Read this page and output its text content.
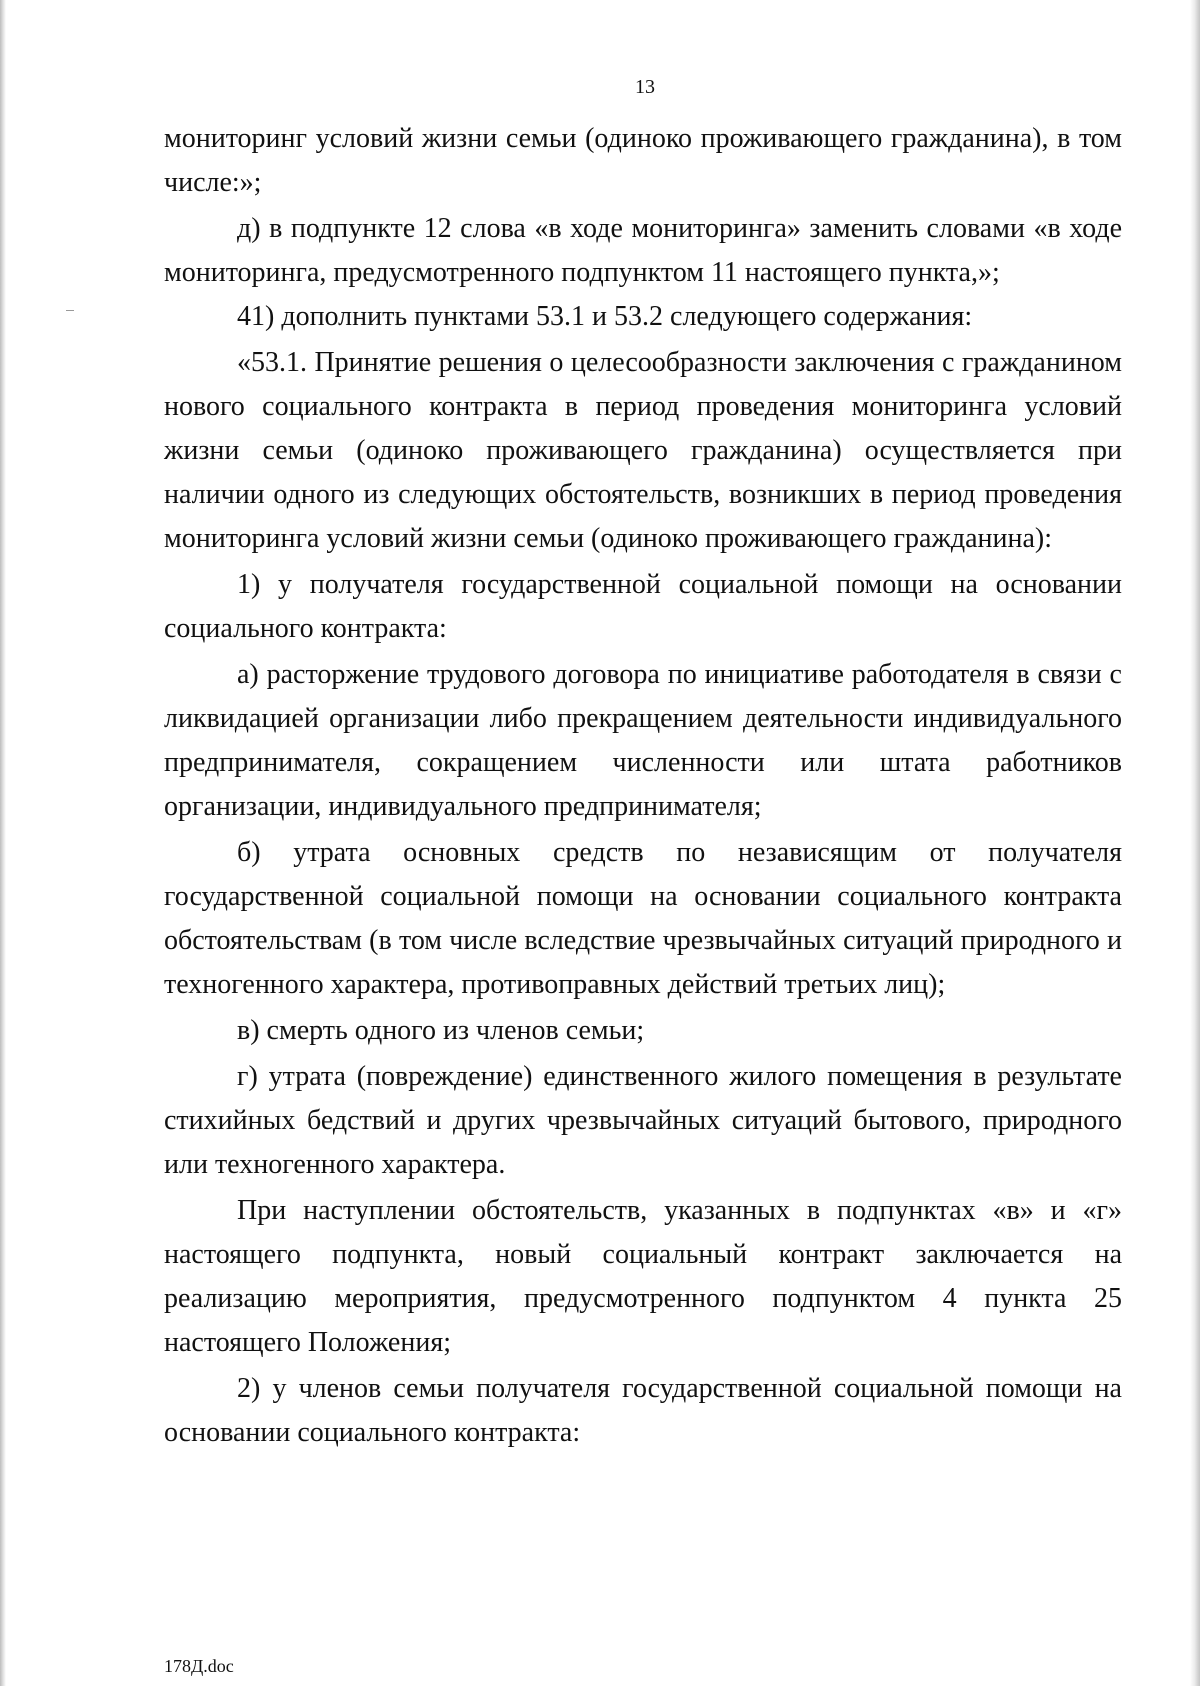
13

мониторинг условий жизни семьи (одиноко проживающего гражданина), в том числе:»;

д) в подпункте 12 слова «в ходе мониторинга» заменить словами «в ходе мониторинга, предусмотренного подпунктом 11 настоящего пункта,»;

41) дополнить пунктами 53.1 и 53.2 следующего содержания:

«53.1. Принятие решения о целесообразности заключения с гражданином нового социального контракта в период проведения мониторинга условий жизни семьи (одиноко проживающего гражданина) осуществляется при наличии одного из следующих обстоятельств, возникших в период проведения мониторинга условий жизни семьи (одиноко проживающего гражданина):

1) у получателя государственной социальной помощи на основании социального контракта:

а) расторжение трудового договора по инициативе работодателя в связи с ликвидацией организации либо прекращением деятельности индивидуального предпринимателя, сокращением численности или штата работников организации, индивидуального предпринимателя;

б) утрата основных средств по независящим от получателя государственной социальной помощи на основании социального контракта обстоятельствам (в том числе вследствие чрезвычайных ситуаций природного и техногенного характера, противоправных действий третьих лиц);

в) смерть одного из членов семьи;

г) утрата (повреждение) единственного жилого помещения в результате стихийных бедствий и других чрезвычайных ситуаций бытового, природного или техногенного характера.

При наступлении обстоятельств, указанных в подпунктах «в» и «г» настоящего подпункта, новый социальный контракт заключается на реализацию мероприятия, предусмотренного подпунктом 4 пункта 25 настоящего Положения;

2) у членов семьи получателя государственной социальной помощи на основании социального контракта:

178Д.doc
